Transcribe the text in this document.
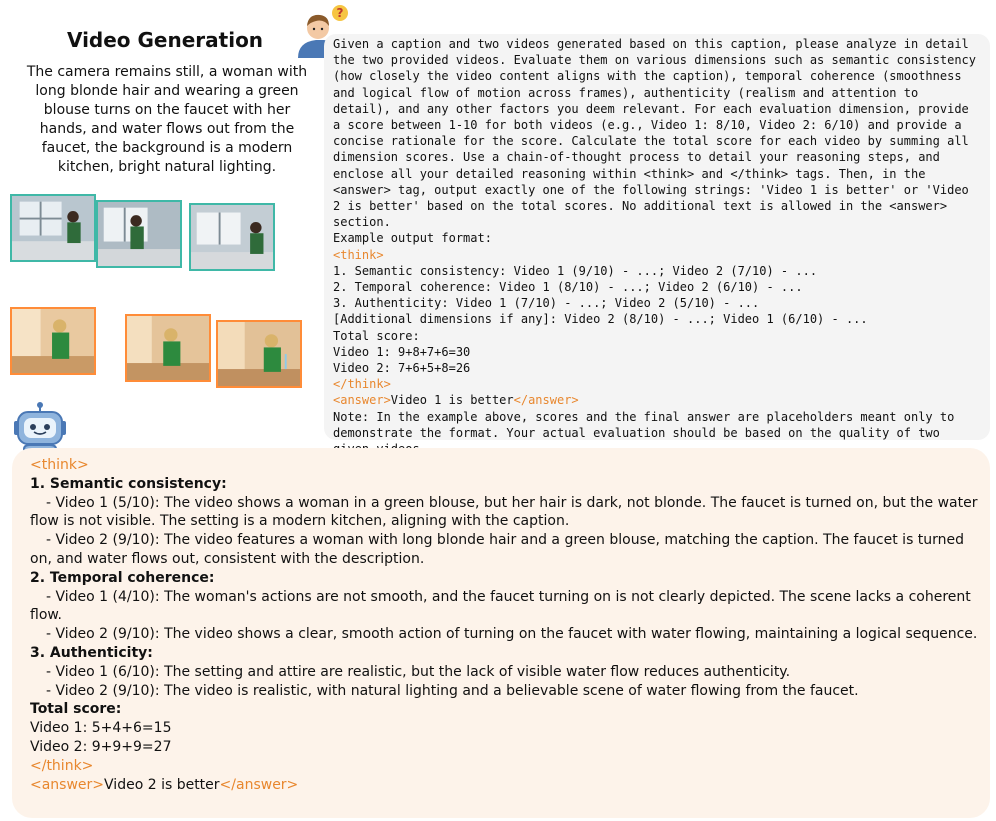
Video Generation
The camera remains still, a woman with long blonde hair and wearing a green blouse turns on the faucet with her hands, and water flows out from the faucet, the background is a modern kitchen, bright natural lighting.
?
Given a caption and two videos generated based on this caption, please analyze in detail the two provided videos. Evaluate them on various dimensions such as semantic consistency (how closely the video content aligns with the caption), temporal coherence (smoothness and logical flow of motion across frames), authenticity (realism and attention to detail), and any other factors you deem relevant. For each evaluation dimension, provide a score between 1-10 for both videos (e.g., Video 1: 8/10, Video 2: 6/10) and provide a concise rationale for the score. Calculate the total score for each video by summing all dimension scores. Use a chain-of-thought process to detail your reasoning steps, and enclose all your detailed reasoning within <think> and </think> tags. Then, in the <answer> tag, output exactly one of the following strings: 'Video 1 is better' or 'Video 2 is better' based on the total scores. No additional text is allowed in the <answer> section.
Example output format:
<think>
1. Semantic consistency: Video 1 (9/10) - ...; Video 2 (7/10) - ...
2. Temporal coherence: Video 1 (8/10) - ...; Video 2 (6/10) - ...
3. Authenticity: Video 1 (7/10) - ...; Video 2 (5/10) - ...
[Additional dimensions if any]: Video 2 (8/10) - ...; Video 1 (6/10) - ...
Total score:
Video 1: 9+8+7+6=30
Video 2: 7+6+5+8=26
</think>
<answer>Video 1 is better</answer>
Note: In the example above, scores and the final answer are placeholders meant only to demonstrate the format. Your actual evaluation should be based on the quality of two
<think>
1. Semantic consistency:
- Video 1 (5/10): The video shows a woman in a green blouse, but her hair is dark, not blonde. The faucet is turned on, but the water flow is not visible. The setting is a modern kitchen, aligning with the caption.
- Video 2 (9/10): The video features a woman with long blonde hair and a green blouse, matching the caption. The faucet is turned on, and water flows out, consistent with the description.
2. Temporal coherence:
- Video 1 (4/10): The woman's actions are not smooth, and the faucet turning on is not clearly depicted. The scene lacks a coherent flow.
- Video 2 (9/10): The video shows a clear, smooth action of turning on the faucet with water flowing, maintaining a logical sequence.
3. Authenticity:
- Video 1 (6/10): The setting and attire are realistic, but the lack of visible water flow reduces authenticity.
- Video 2 (9/10): The video is realistic, with natural lighting and a believable scene of water flowing from the faucet.
Total score:
Video 1: 5+4+6=15
Video 2: 9+9+9=27
</think>
<answer>Video 2 is better</answer>
